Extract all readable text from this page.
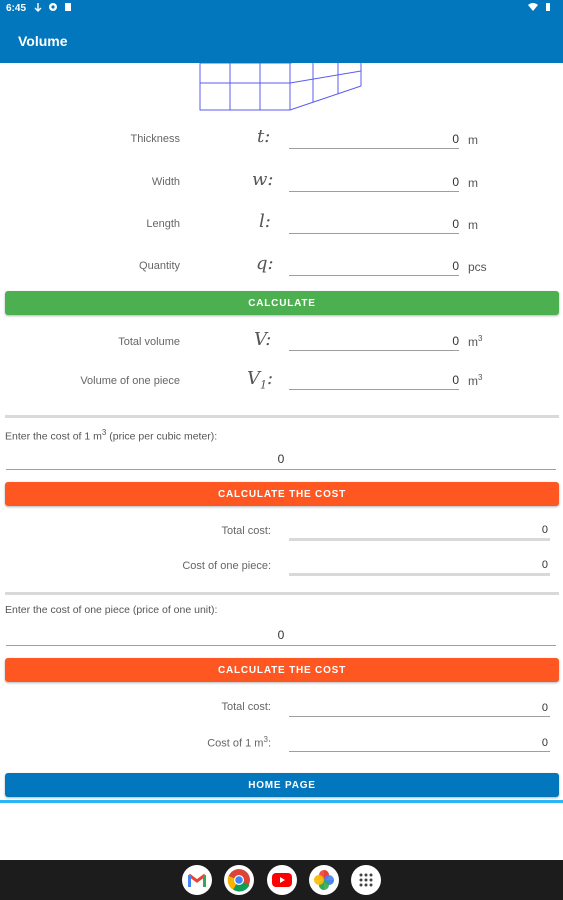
6:45
Volume
Thickness	t:	0 m
Width	w:	0 m
Length	l:	0 m
Quantity	q:	0 pcs
CALCULATE
Total volume	V:	0 $m^3$
Volume of one piece	$V_1$:	0 $m^3$
Enter the cost of 1 $m^3$ (price per cubic meter):
0
CALCULATE THE COST
Total cost:	0
Cost of one piece:	0
Enter the cost of one piece (price of one unit):
0
CALCULATE THE COST
Total cost:	0
Cost of 1 $m^3$:	0
HOME PAGE
